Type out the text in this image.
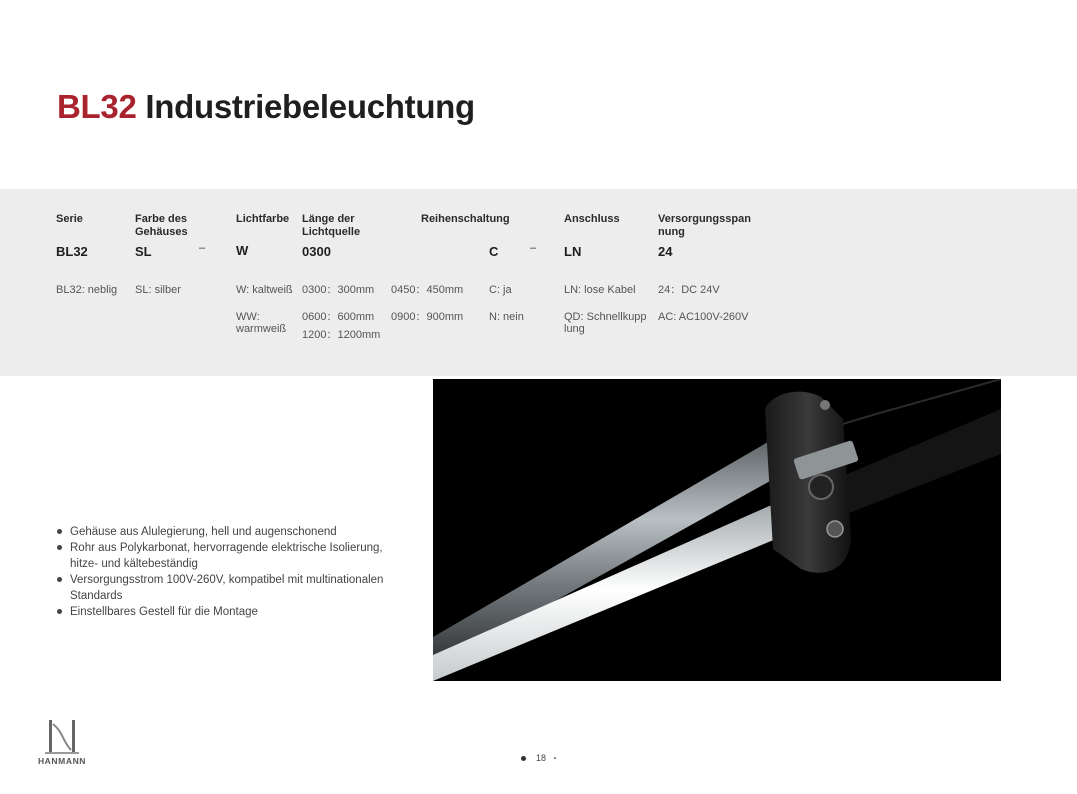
BL32 Industriebeleuchtung
Serie
BL32
BL32: neblig
Farbe des Gehäuses
SL
SL: silber
–
Lichtfarbe
W
W: kaltweiß
WW: warmweiß
Länge der Lichtquelle
0300
0300：300mm
0600：600mm
1200：1200mm
0450：450mm
0900：900mm
Reihenschaltung
C
C: ja
N: nein
–
Anschluss
LN
LN: lose Kabel
QD: Schnellkupplung
Versorgungsspannung
24
24：DC 24V
AC: AC100V-260V
Gehäuse aus Alulegierung, hell und augenschonend
Rohr aus Polykarbonat, hervorragende elektrische Isolierung, hitze- und kältebeständig
Versorgungsstrom 100V-260V, kompatibel mit multinationalen Standards
Einstellbares Gestell für die Montage
HANMANN	18
